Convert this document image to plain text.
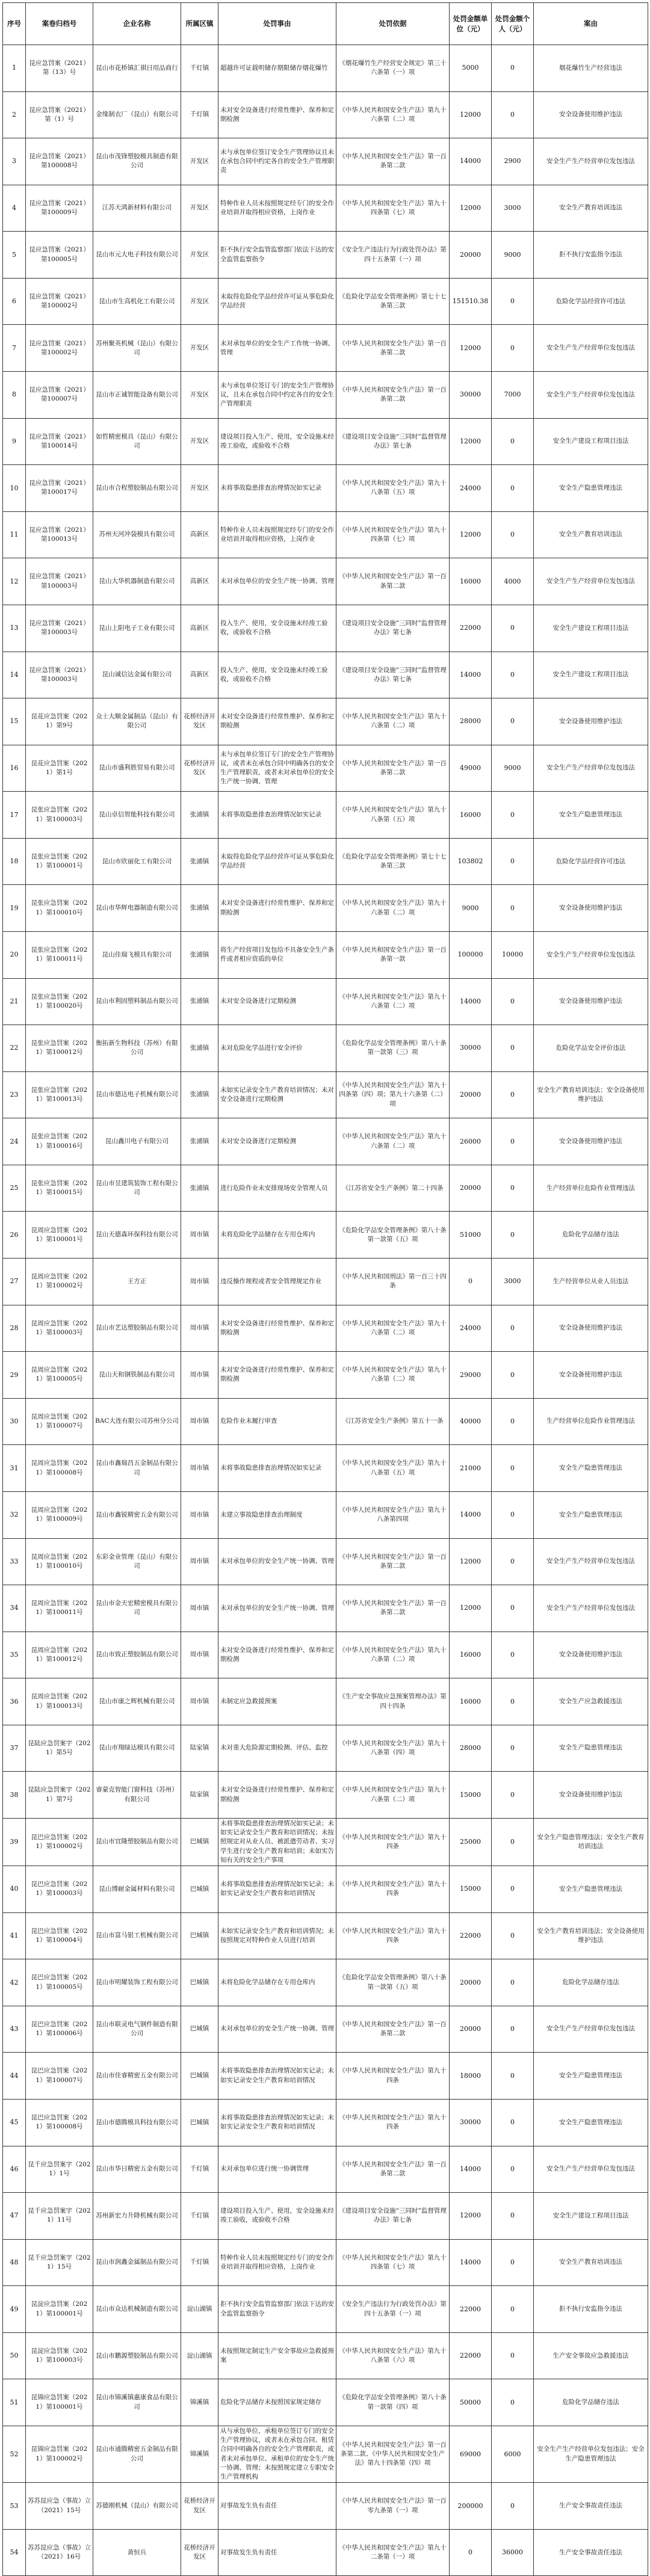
序号	案卷归档号	企业名称	所属区镇	处罚事由	处罚依据	处罚金额单位（元）	处罚金额个人（元）	案由
1	昆应急罚案（2021）第（13）号	昆山市花桥镇汇祺日用品商行	千灯镇	超越许可证载明储存期限储存烟花爆竹	《烟花爆竹生产经营安全规定》第三十六条第（一）项	5000	0	烟花爆竹生产经营违法
2	昆应急罚案（2021）第（1）号	金缘制衣厂（昆山）有限公司	千灯镇	未对安全设备进行经常性维护、保养和定期检测	《中华人民共和国安全生产法》第九十六条第（二）项	12000	0	安全设备使用维护违法
3	昆应急罚案（2021）第100008号	昆山市茂锋塑胶模具制造有限公司	开发区	未与承包单位签订安全生产管理协议且未在承包合同中约定各自的安全生产管理职责	《中华人民共和国安全生产法》第一百条第二款	14000	2900	安全生产生产经营单位发包违法
4	昆应急罚案（2021）第100009号	江苏天鸿新材料有限公司	开发区	特种作业人员未按照规定经专门的安全作业培训并取得相应资格，上岗作业	《中华人民共和国安全生产法》第九十四条第（七）项	12000	3000	安全生产教育培训违法
5	昆应急罚案（2021）第100005号	昆山市元大电子科技有限公司	开发区	拒不执行安全监管监察部门依法下达的安全监管监察指令	《安全生产违法行为行政处罚办法》第四十五条第（一）项	20000	9000	拒不执行安监指令违法
6	昆应急罚案（2021）第100002号	昆山市生高机化工有限公司	开发区	未取得危险化学品经营许可证从事危险化学品经营	《危险化学品安全管理条例》第七十七条第三款	151510.38	0	危险化学品经营许可违法
7	昆应急罚案（2021）第100002号	苏州聚英机械（昆山）有限公司	开发区	未对承包单位的安全生产工作统一协调、管理	《中华人民共和国安全生产法》第一百条第二款	12000	0	安全生产生产经营单位发包违法
8	昆应急罚案（2021）第100007号	昆山市正诚智能设备有限公司	开发区	未与承包单位签订专门的安全生产管理协议，且未在承包合同中约定各自的安全生产管理职责	《中华人民共和国安全生产法》第一百条第二款	30000	7000	安全生产生产经营单位发包违法
9	昆应急罚案（2021）第100014号	如哲精密模具（昆山）有限公司	开发区	建设项目投入生产、使用，安全设施未经竣工验收，或验收不合格	《建设项目安全设施“三同时”监督管理办法》第七条	12000	0	安全生产建设工程项目违法
10	昆应急罚案（2021）第100017号	昆山市合程塑胶制品有限公司	开发区	未将事故隐患排查治理情况如实记录	《中华人民共和国安全生产法》第九十八条第（五）项	24000	0	安全生产隐患管理违法
11	昆应急罚案（2021）第100013号	苏州天河冲袋模具有限公司	高新区	特种作业人员未按照规定经专门的安全作业培训并取得相应资格，上岗作业	《中华人民共和国安全生产法》第九十四条第（七）项	12000	0	安全生产教育培训违法
12	昆应急罚案（2021）第100003号	昆山大华机器制造有限公司	高新区	未对承包单位的安全生产统一协调、管理	《中华人民共和国安全生产法》第一百条第二款	16000	4000	安全生产生产经营单位发包违法
13	昆应急罚案（2021）第100003号	昆山上阳电子工业有限公司	高新区	投入生产、使用，安全设施未经竣工验收，或验收不合格	《建设项目安全设施“三同时”监督管理办法》第七条	22000	0	安全生产建设工程项目违法
14	昆应急罚案（2021）第100003号	昆山诚信达金属有限公司	高新区	投入生产、使用，安全设施未经竣工验收，或验收不合格	《建设项目安全设施“三同时”监督管理办法》第七条	14000	0	安全生产建设工程项目违法
15	昆花应急罚案（2021）第9号	众士大顺金属制品（昆山）有限公司	花桥经济开发区	未对安全设备进行经常性维护、保养和定期检测	《中华人民共和国安全生产法》第九十六条第（二）项	28000	0	安全设备使用维护违法
16	昆花应急罚案（2021）第1号	昆山市盛利胜贸易有限公司	花桥经济开发区	未与承包单位签订专门的安全生产管理协议，或者未在承包合同中明确各自的安全生产管理职责，或者未对承包单位的安全生产统一协调、管理	《中华人民共和国安全生产法》第一百条第二款	49000	9000	安全生产生产经营单位发包违法
17	昆张应急罚案（2021）第100003号	昆山卓信智能科技有限公司	张浦镇	未将事故隐患排查治理情况如实记录	《中华人民共和国安全生产法》第九十八条第（五）项	16000	0	安全生产隐患管理违法
18	昆张应急罚案（2021）第100001号	昆山市欣丽化工有限公司	张浦镇	未取得危险化学品经营许可证从事危险化学品经营	《危险化学品安全管理条例》第七十七条第三款	103802	0	危险化学品经营许可违法
19	昆张应急罚案（2021）第100010号	昆山市华辉电器制造有限公司	张浦镇	未对安全设备进行经常性维护、保养和定期检测	《中华人民共和国安全生产法》第九十六条第（二）项	9000	0	安全设备使用维护违法
20	昆张应急罚案（2021）第100011号	昆山佳瑞飞模具有限公司	张浦镇	将生产经营项目发包给不具备安全生产条件或者相应资质的单位	《中华人民共和国安全生产法》第一百条第一款	100000	10000	安全生产生产经营单位发包违法
21	昆张应急罚案（2021）第100020号	昆山市利固塑料制品有限公司	张浦镇	未对安全设备进行定期检测	《中华人民共和国安全生产法》第九十六条第（二）项	14000	0	安全设备使用维护违法
22	昆张应急罚案（2021）第100012号	衡拓新生物科技（苏州）有限公司	张浦镇	未对危险化学品进行安全评价	《危险化学品安全管理条例》第八十条第一款第（三）项	30000	0	危险化学品安全评价违法
23	昆张应急罚案（2021）第100013号	昆山市德达电子机械有限公司	张浦镇	未如实记录安全生产教育培训情况；未对安全设备进行定期检测	《中华人民共和国安全生产法》第九十四条第（四）项；第九十六条第（二）项	20000	0	安全生产教育培训违法；安全设备使用维护违法
24	昆张应急罚案（2021）第100016号	昆山鑫川电子有限公司	张浦镇	未对安全设备进行定期检测	《中华人民共和国安全生产法》第九十六条第（二）项	26000	0	安全设备使用维护违法
25	昆张应急罚案（2021）第100015号	昆山市昱建筑装饰工程有限公司	张浦镇	进行危险作业未安排现场安全管理人员	《江苏省安全生产条例》第二十四条	20000	0	生产经营单位危险作业管理违法
26	昆周应急罚案（2021）第100001号	昆山天德森环保科技有限公司	周市镇	未将危险化学品储存在专用仓库内	《危险化学品安全管理条例》第八十条第一款第（五）项	51000	0	危险化学品储存违法
27	昆周应急罚案（2021）第100002号	王方正	周市镇	违反操作规程或者安全管理规定作业	《中华人民共和国刑法》第一百三十四条	0	3000	生产经营单位从业人员违法
28	昆周应急罚案（2021）第100003号	昆山市艺达塑胶制品有限公司	周市镇	未对安全设备进行经常性维护、保养和定期检测	《中华人民共和国安全生产法》第九十六条第（二）项	24000	0	安全设备使用维护违法
29	昆周应急罚案（2021）第100005号	昆山天和钢铁制品有限公司	周市镇	未对安全设备进行经常性维护、保养和定期检测	《中华人民共和国安全生产法》第九十六条第（二）项	29000	0	安全设备使用维护违法
30	昆周应急罚案（2021）第100007号	BAC大连有限公司苏州分公司	周市镇	危险作业未履行审查	《江苏省安全生产条例》第五十一条	40000	0	生产经营单位危险作业管理违法
31	昆周应急罚案（2021）第100008号	昆山市鑫瑞昌五金制品有限公司	周市镇	未将事故隐患排查治理情况如实记录	《中华人民共和国安全生产法》第九十八条第（五）项	21000	0	安全生产隐患管理违法
32	昆周应急罚案（2021）第100009号	昆山市鑫锐精密五金有限公司	周市镇	未建立事故隐患排查治理制度	《中华人民共和国安全生产法》第九十八条第四项	14000	0	安全生产隐患管理违法
33	昆周应急罚案（2021）第100010号	东彩金业管理（昆山）有限公司	周市镇	未对承包单位的安全生产统一协调、管理	《中华人民共和国安全生产法》第一百条第二款	12000	0	安全生产生产经营单位发包违法
34	昆周应急罚案（2021）第100011号	昆山市金天宏精密模具有限公司	周市镇	未对承包单位的安全生产统一协调、管理	《中华人民共和国安全生产法》第一百条第二款	12000	0	安全生产生产经营单位发包违法
35	昆周应急罚案（2021）第100012号	昆山市致正塑胶制品有限公司	周市镇	未对安全设备进行经常性维护、保养和定期检测	《中华人民共和国安全生产法》第九十六条第（二）项	16000	0	安全设备使用维护违法
36	昆周应急罚案（2021）第100013号	昆山市康之辉机械有限公司	周市镇	未制定应急救援预案	《生产安全事故应急预案管理办法》第四十四条	16000	0	安全生产应急救援违法
37	昆陆应急罚案字（2021）第5号	昆山市翔绿达模具有限公司	陆家镇	未对重大危险源定期检测、评估、监控	《中华人民共和国安全生产法》第九十八条第（四）项	28000	0	安全生产隐患管理违法
38	昆陆应急罚案字（2021）第7号	睿蒙克智能门窗科技（苏州）有限公司	陆家镇	未对安全设备进行经常性维护、保养和定期检测	《中华人民共和国安全生产法》第九十六条第（二）项	15000	0	安全设备使用维护违法
39	昆巴应急罚案（2021）第100002号	昆山市宜隆塑胶制品有限公司	巴城镇	未将事故隐患排查治理情况如实记录；未如实记录安全生产教育和培训情况；未按照规定对从业人员、被派遣劳动者、实习学生进行安全生产教育和培训；未如实告知有关的安全生产事项	《中华人民共和国安全生产法》第九十四条	25000	0	安全生产隐患管理违法；安全生产教育培训违法
40	昆巴应急罚案（2021）第100003号	昆山博耐金属材料有限公司	巴城镇	未将事故隐患排查治理情况如实记录；未如实记录安全生产教育和培训情况	《中华人民共和国安全生产法》第九十四条	15000	0	安全生产隐患管理违法
41	昆巴应急罚案（2021）第100004号	昆山市富马银工机械有限公司	巴城镇	未如实记录安全生产教育和培训情况；未按照规定对特种作业人员进行培训	《中华人民共和国安全生产法》第九十四条	22000	0	安全生产教育培训违法；安全设备使用维护违法
42	昆巴应急罚案（2021）第100005号	昆山市明耀装饰工程有限公司	巴城镇	未将危险化学品储存在专用仓库内	《危险化学品安全管理条例》第八十条第一款第（五）项	20000	0	危险化学品储存违法
43	昆巴应急罚案（2021）第100006号	昆山市联灵电气钢件制造有限公司	巴城镇	未对承包单位的安全生产统一协调、管理	《中华人民共和国安全生产法》第一百条第二款	20000	0	安全生产生产经营单位发包违法
44	昆巴应急罚案（2021）第100007号	昆山市佳睿精密五金有限公司	巴城镇	未将事故隐患排查治理情况如实记录；未如实记录安全生产教育和培训情况	《中华人民共和国安全生产法》第九十四条	18000	0	安全生产隐患管理违法
45	昆巴应急罚案（2021）第100008号	昆山市德腾模具科技有限公司	巴城镇	未将事故隐患排查治理情况如实记录；未如实记录安全生产教育和培训情况	《中华人民共和国安全生产法》第九十四条	30000	0	安全生产隐患管理违法
46	昆千应急罚案字（2021）1号	昆山市华日精密五金有限公司	千灯镇	未对承包单位进行统一协调管理	《中华人民共和国安全生产法》第一百条第二款	14000	0	安全生产生产经营单位发包违法
47	昆千应急罚案字（2021）11号	苏州新宏力升降机械有限公司	千灯镇	建设项目投入生产、使用，安全设施未经竣工验收，或验收不合格	《建设项目安全设施“三同时”监督管理办法》第七条	12000	0	安全生产建设工程项目违法
48	昆千应急罚案字（2021）15号	昆山市润鑫金属制品有限公司	千灯镇	特种作业人员未按照规定经专门的安全作业培训并取得相应资格，上岗作业	《中华人民共和国安全生产法》第九十四条第（七）项	14000	0	安全生产教育培训违法
49	昆淀应急罚案（2021）第100001号	昆山市众达机械制造有限公司	淀山湖镇	拒不执行安全监管监察部门依法下达的安全监管监察指令	《安全生产违法行为行政处罚办法》第四十五条第（一）项	22000	0	拒不执行安监指令违法
50	昆淀应急罚案（2021）第100003号	昆山市鹏源塑胶制品有限公司	淀山湖镇	未按照规定制定生产安全事故应急救援预案	《中华人民共和国安全生产法》第九十八条第（六）项	22000	0	生产安全事故应急救援违法
51	昆锦应急罚案（2021）第100001号	昆山市锦溪镇惠康食品有限公司	锦溪镇	危险化学品储存未按照国家规定储存	《危险化学品安全管理条例》第八十条第一款第（四）项	50000	0	危险化学品储存违法
52	昆锦应急罚案（2021）第100002号	昆山市通腾精密五金制品有限公司	锦溪镇	从与承包单位、承租单位签订专门的安全生产管理协议，或者未在承包合同、租赁合同中明确各自的安全生产管理职责，或者未对承包单位、承租单位的安全生产统一协调、管理；未按照规定建立专职安全生产管理机构	《中华人民共和国安全生产法》第一百条第二款、《中华人民共和国安全生产法》第九十四条第（四）项	69000	6000	安全生产生产经营单位发包违法；安全生产隐患管理违法
53	苏苏昆应急（事故）立（2021）15号	苏德刚机械（昆山）有限公司	花桥经济开发区	对事故发生负有责任	《中华人民共和国安全生产法》第一百零九条第（一）项	200000	0	生产安全事故责任违法
54	苏苏昆应急（事故）立（2021）16号	黄恒兵	花桥经济开发区	对事故发生负有责任	《中华人民共和国安全生产法》第九十二条第（一）项	0	36000	生产安全事故责任违法
